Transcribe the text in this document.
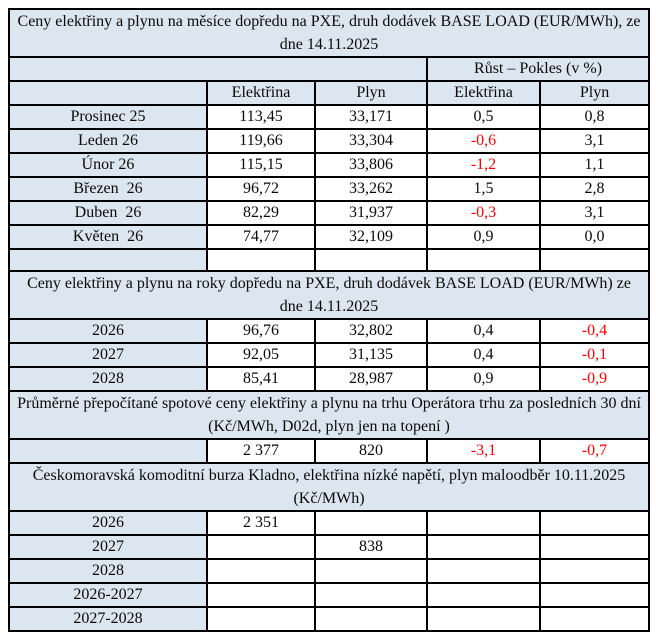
Ceny elektřiny a plynu na měsíce dopředu na PXE, druh dodávek BASE LOAD (EUR/MWh), ze dne 14.11.2025				
			Růst – Pokles (v %)	
	Elektřina	Plyn	Elektřina	Plyn
Prosinec 25	113,45	33,171	0,5	0,8
Leden 26	119,66	33,304	-0,6	3,1
Únor 26	115,15	33,806	-1,2	1,1
Březen  26	96,72	33,262	1,5	2,8
Duben  26	82,29	31,937	-0,3	3,1
Květen  26	74,77	32,109	0,9	0,0

Ceny elektřiny a plynu na roky dopředu na PXE, druh dodávek BASE LOAD (EUR/MWh) ze dne 14.11.2025				
2026	96,76	32,802	0,4	-0,4
2027	92,05	31,135	0,4	-0,1
2028	85,41	28,987	0,9	-0,9
Průměrné přepočítané spotové ceny elektřiny a plynu na trhu Operátora trhu za posledních 30 dní (Kč/MWh, D02d, plyn jen na topení )				
	2 377	820	-3,1	-0,7
Českomoravská komoditní burza Kladno, elektřina nízké napětí, plyn maloodběr 10.11.2025 (Kč/MWh)				
2026	2 351			
2027		838		
2028				
2026-2027				
2027-2028				
